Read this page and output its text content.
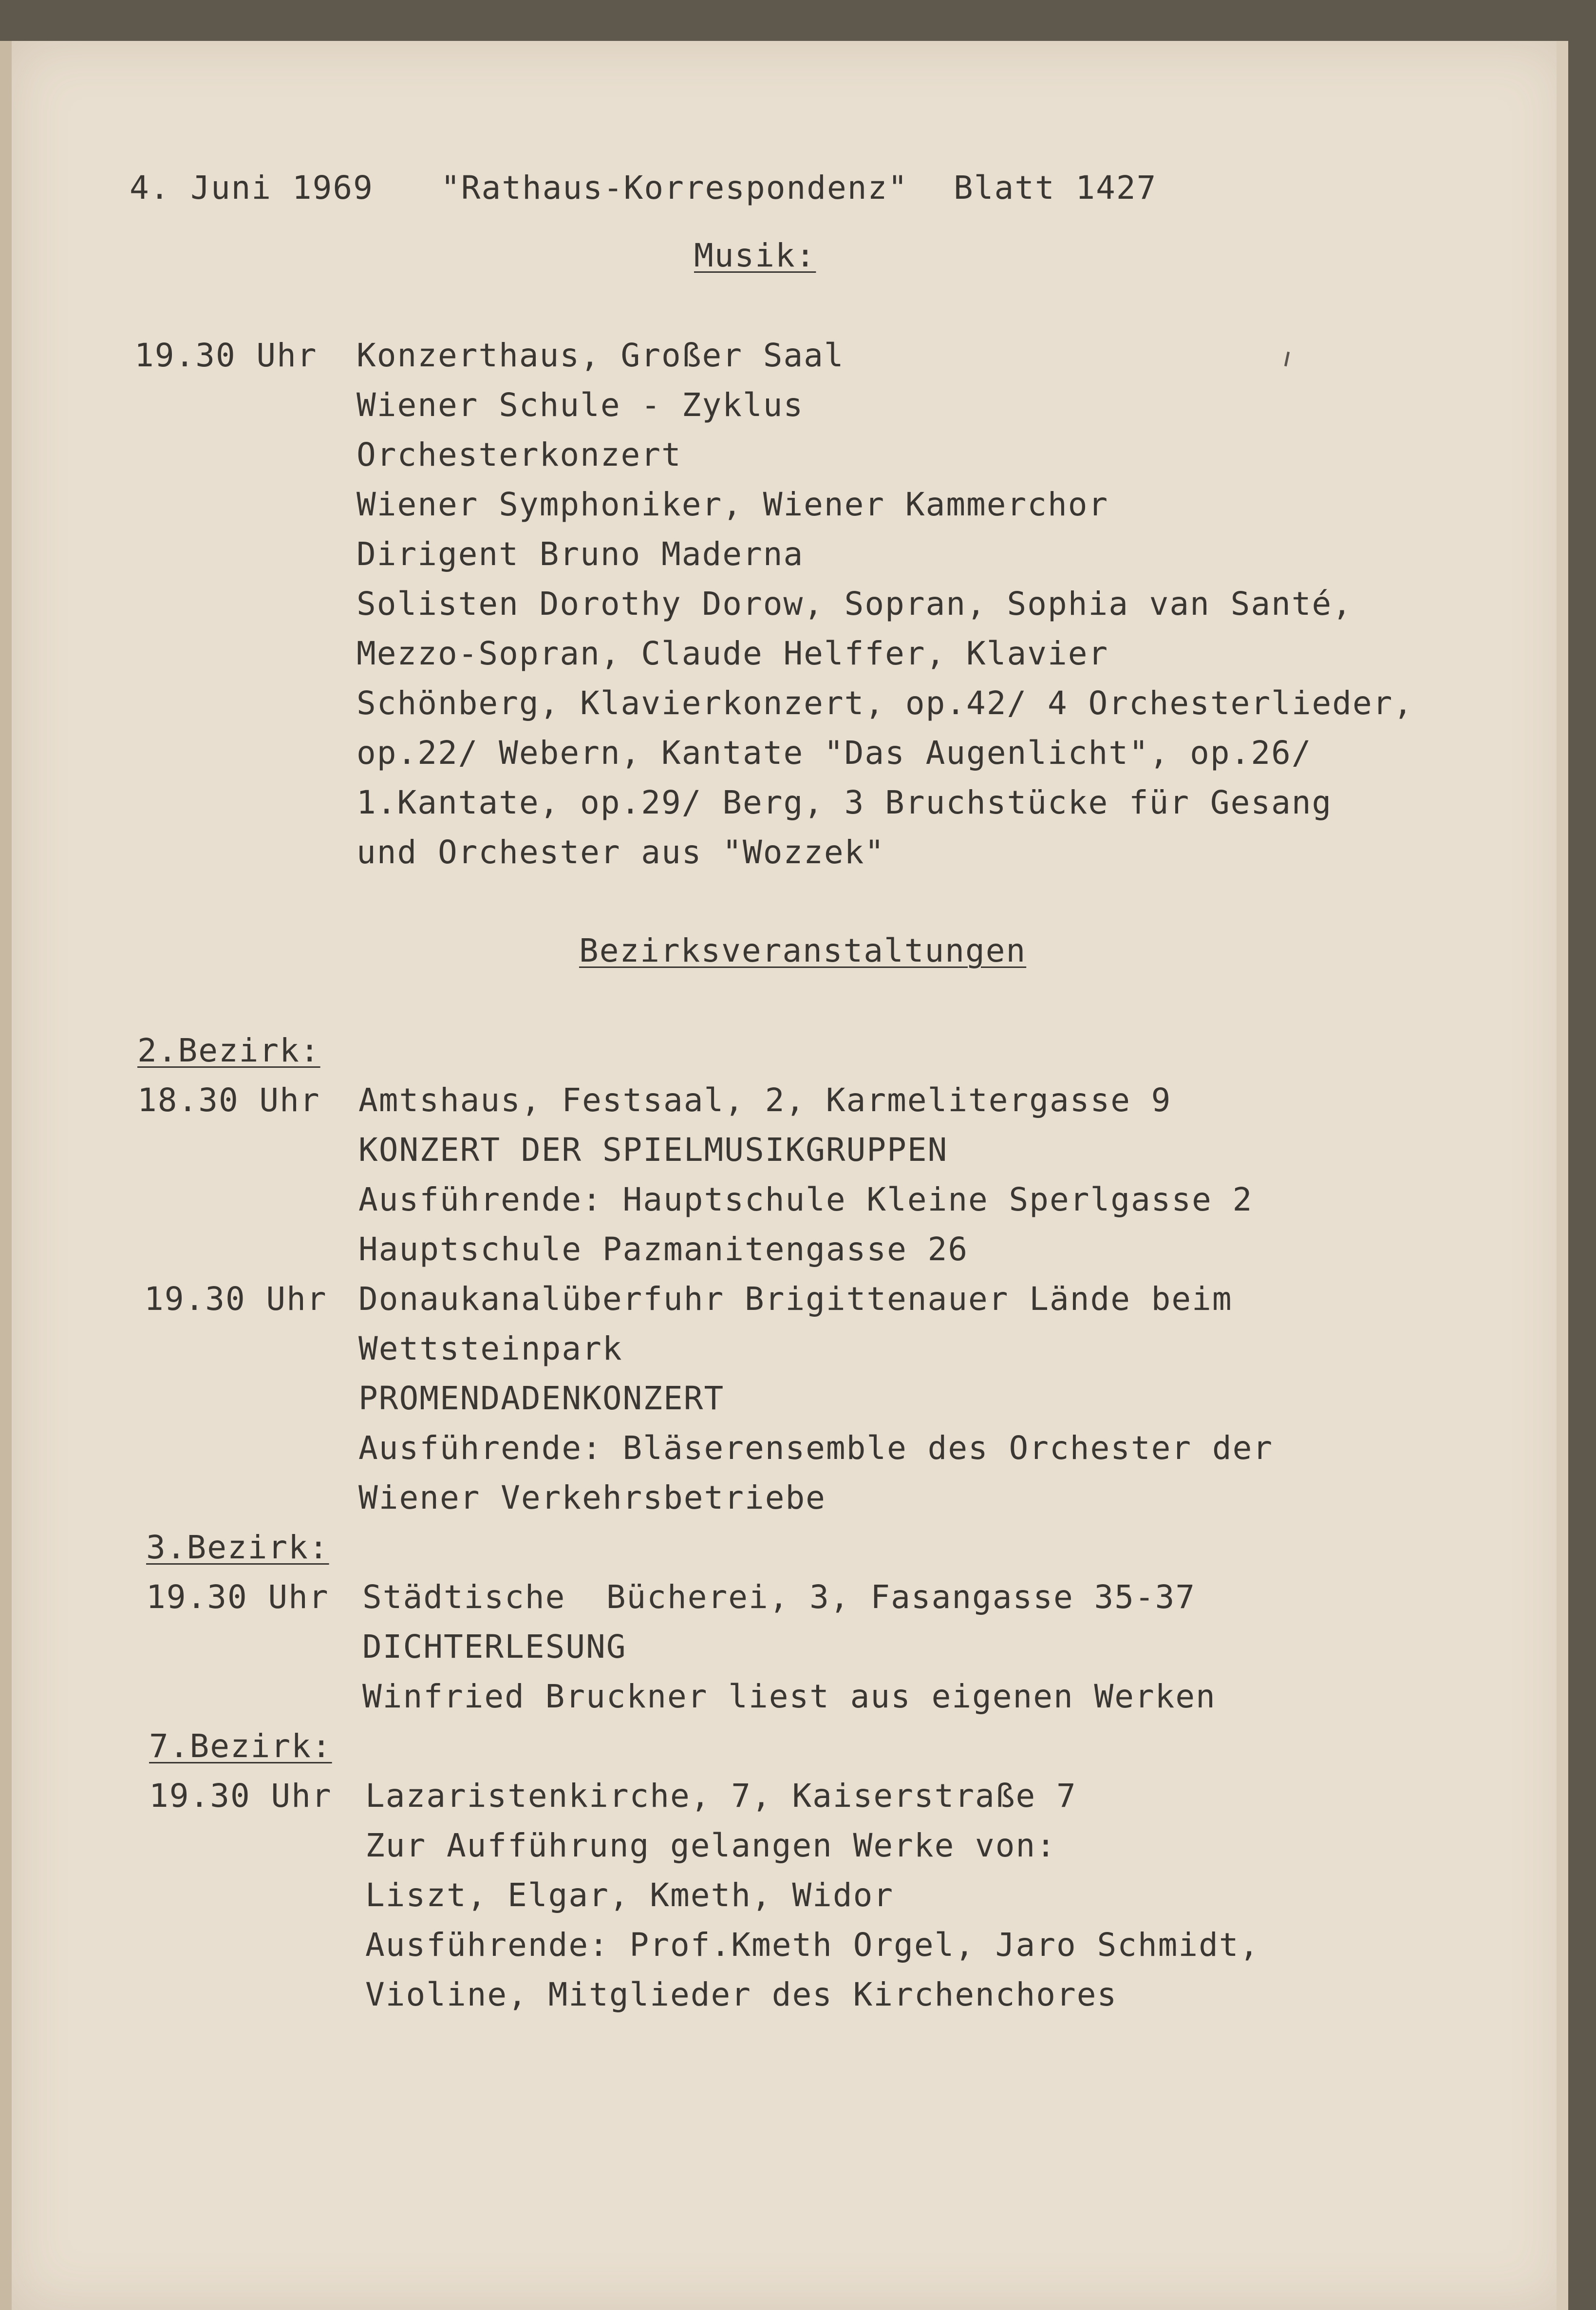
4. Juni 1969 "Rathaus-Korrespondenz" Blatt 1427
Musik:
19.30 Uhr Konzerthaus, Großer Saal
Wiener Schule - Zyklus
Orchesterkonzert
Wiener Symphoniker, Wiener Kammerchor
Dirigent Bruno Maderna
Solisten Dorothy Dorow, Sopran, Sophia van Santé,
Mezzo-Sopran, Claude Helffer, Klavier
Schönberg, Klavierkonzert, op.42/ 4 Orchesterlieder,
op.22/ Webern, Kantate "Das Augenlicht", op.26/
1.Kantate, op.29/ Berg, 3 Bruchstücke für Gesang
und Orchester aus "Wozzek"
Bezirksveranstaltungen
2.Bezirk:
18.30 Uhr Amtshaus, Festsaal, 2, Karmelitergasse 9
KONZERT DER SPIELMUSIKGRUPPEN
Ausführende: Hauptschule Kleine Sperlgasse 2
Hauptschule Pazmanitengasse 26
19.30 Uhr Donaukanalüberfuhr Brigittenauer Lände beim
Wettsteinpark
PROMENDADENKONZERT
Ausführende: Bläserensemble des Orchester der
Wiener Verkehrsbetriebe
3.Bezirk:
19.30 Uhr Städtische  Bücherei, 3, Fasangasse 35-37
DICHTERLESUNG
Winfried Bruckner liest aus eigenen Werken
7.Bezirk:
19.30 Uhr Lazaristenkirche, 7, Kaiserstraße 7
Zur Aufführung gelangen Werke von:
Liszt, Elgar, Kmeth, Widor
Ausführende: Prof.Kmeth Orgel, Jaro Schmidt,
Violine, Mitglieder des Kirchenchores
